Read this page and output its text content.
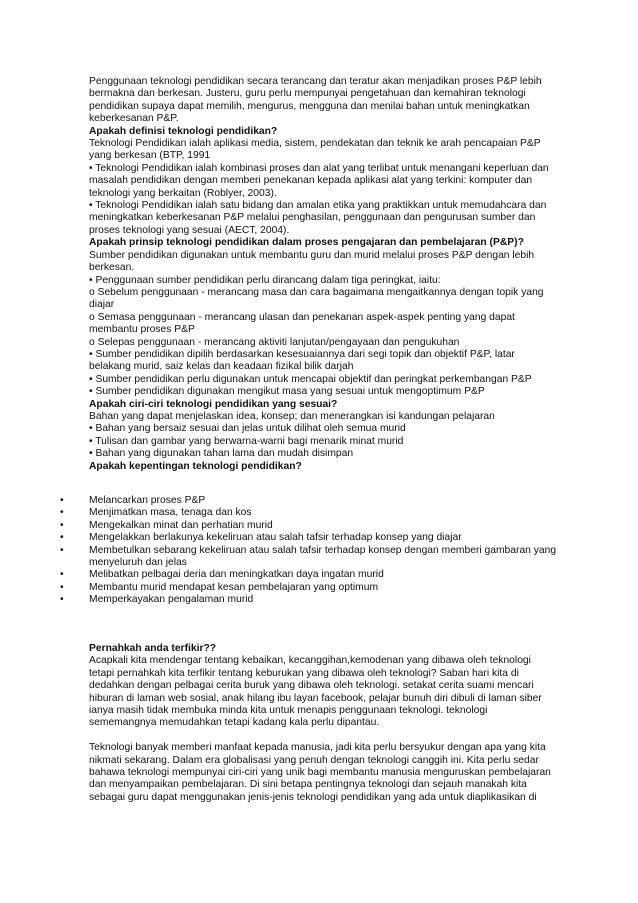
Penggunaan teknologi pendidikan secara terancang dan teratur akan menjadikan proses P&P lebih bermakna dan berkesan. Justeru, guru perlu mempunyai pengetahuan dan kemahiran teknologi pendidikan supaya dapat memilih, mengurus, mengguna dan menilai bahan untuk meningkatkan keberkesanan P&P.

Apakah definisi teknologi pendidikan?

Teknologi Pendidikan ialah aplikasi media, sistem, pendekatan dan teknik ke arah pencapaian P&P yang berkesan (BTP, 1991

• Teknologi Pendidikan ialah kombinasi proses dan alat yang terlibat untuk menangani keperluan dan masalah pendidikan dengan memberi penekanan kepada aplikasi alat yang terkini: komputer dan teknologi yang berkaitan (Roblyer, 2003).

• Teknologi Pendidikan ialah satu bidang dan amalan etika yang praktikkan untuk memudahcara dan meningkatkan keberkesanan P&P melalui penghasilan, penggunaan dan pengurusan sumber dan proses teknologi yang sesuai (AECT, 2004).

Apakah prinsip teknologi pendidikan dalam proses pengajaran dan pembelajaran (P&P)?

Sumber pendidikan digunakan untuk membantu guru dan murid melalui proses P&P dengan lebih berkesan.

• Penggunaan sumber pendidikan perlu dirancang dalam tiga peringkat, iaitu:

o Sebelum penggunaan - merancang masa dan cara bagaimana mengaitkannya dengan topik yang diajar

o Semasa penggunaan - merancang ulasan dan penekanan aspek-aspek penting yang dapat membantu proses P&P

o Selepas penggunaan - merancang aktiviti lanjutan/pengayaan dan pengukuhan

• Sumber pendidikan dipilih berdasarkan kesesuaiannya dari segi topik dan objektif P&P, latar belakang murid, saiz kelas dan keadaan fizikal bilik darjah

• Sumber pendidikan perlu digunakan untuk mencapai objektif dan peringkat perkembangan P&P

• Sumber pendidikan digunakan mengikut masa yang sesuai untuk mengoptimum P&P

Apakah ciri-ciri teknologi pendidikan yang sesuai?

Bahan yang dapat menjelaskan idea, konsep; dan menerangkan isi kandungan pelajaran

• Bahan yang bersaiz sesuai dan jelas untuk dilihat oleh semua murid

• Tulisan dan gambar yang berwarna-warni bagi menarik minat murid

• Bahan yang digunakan tahan lama dan mudah disimpan

Apakah kepentingan teknologi pendidikan?

• Melancarkan proses P&P
• Menjimatkan masa, tenaga dan kos
• Mengekalkan minat dan perhatian murid
• Mengelakkan berlakunya kekeliruan atau salah tafsir terhadap konsep yang diajar
• Membetulkan sebarang kekeliruan atau salah tafsir terhadap konsep dengan memberi gambaran yang menyeluruh dan jelas
• Melibatkan pelbagai deria dan meningkatkan daya ingatan murid
• Membantu murid mendapat kesan pembelajaran yang optimum
• Memperkayakan pengalaman murid

Pernahkah anda terfikir??

Acapkali kita mendengar tentang kebaikan, kecanggihan,kemodenan yang dibawa oleh teknologi tetapi pernahkah kita terfikir tentang keburukan yang dibawa oleh teknologi? Saban hari kita di dedahkan dengan pelbagai cerita buruk yang dibawa oleh teknologi. setakat cerita suami mencari hiburan di laman web sosial, anak hilang ibu layan facebook, pelajar bunuh diri dibuli di laman siber ianya masih tidak membuka minda kita untuk menapis penggunaan teknologi. teknologi sememangnya memudahkan tetapi kadang kala perlu dipantau.

Teknologi banyak memberi manfaat kepada manusia, jadi kita perlu bersyukur dengan apa yang kita nikmati sekarang. Dalam era globalisasi yang penuh dengan teknologi canggih ini. Kita perlu sedar bahawa teknologi mempunyai ciri-ciri yang unik bagi membantu manusia menguruskan pembelajaran dan menyampaikan pembelajaran. Di sini betapa pentingnya teknologi dan sejauh manakah kita sebagai guru dapat menggunakan jenis-jenis teknologi pendidikan yang ada untuk diaplikasikan di
